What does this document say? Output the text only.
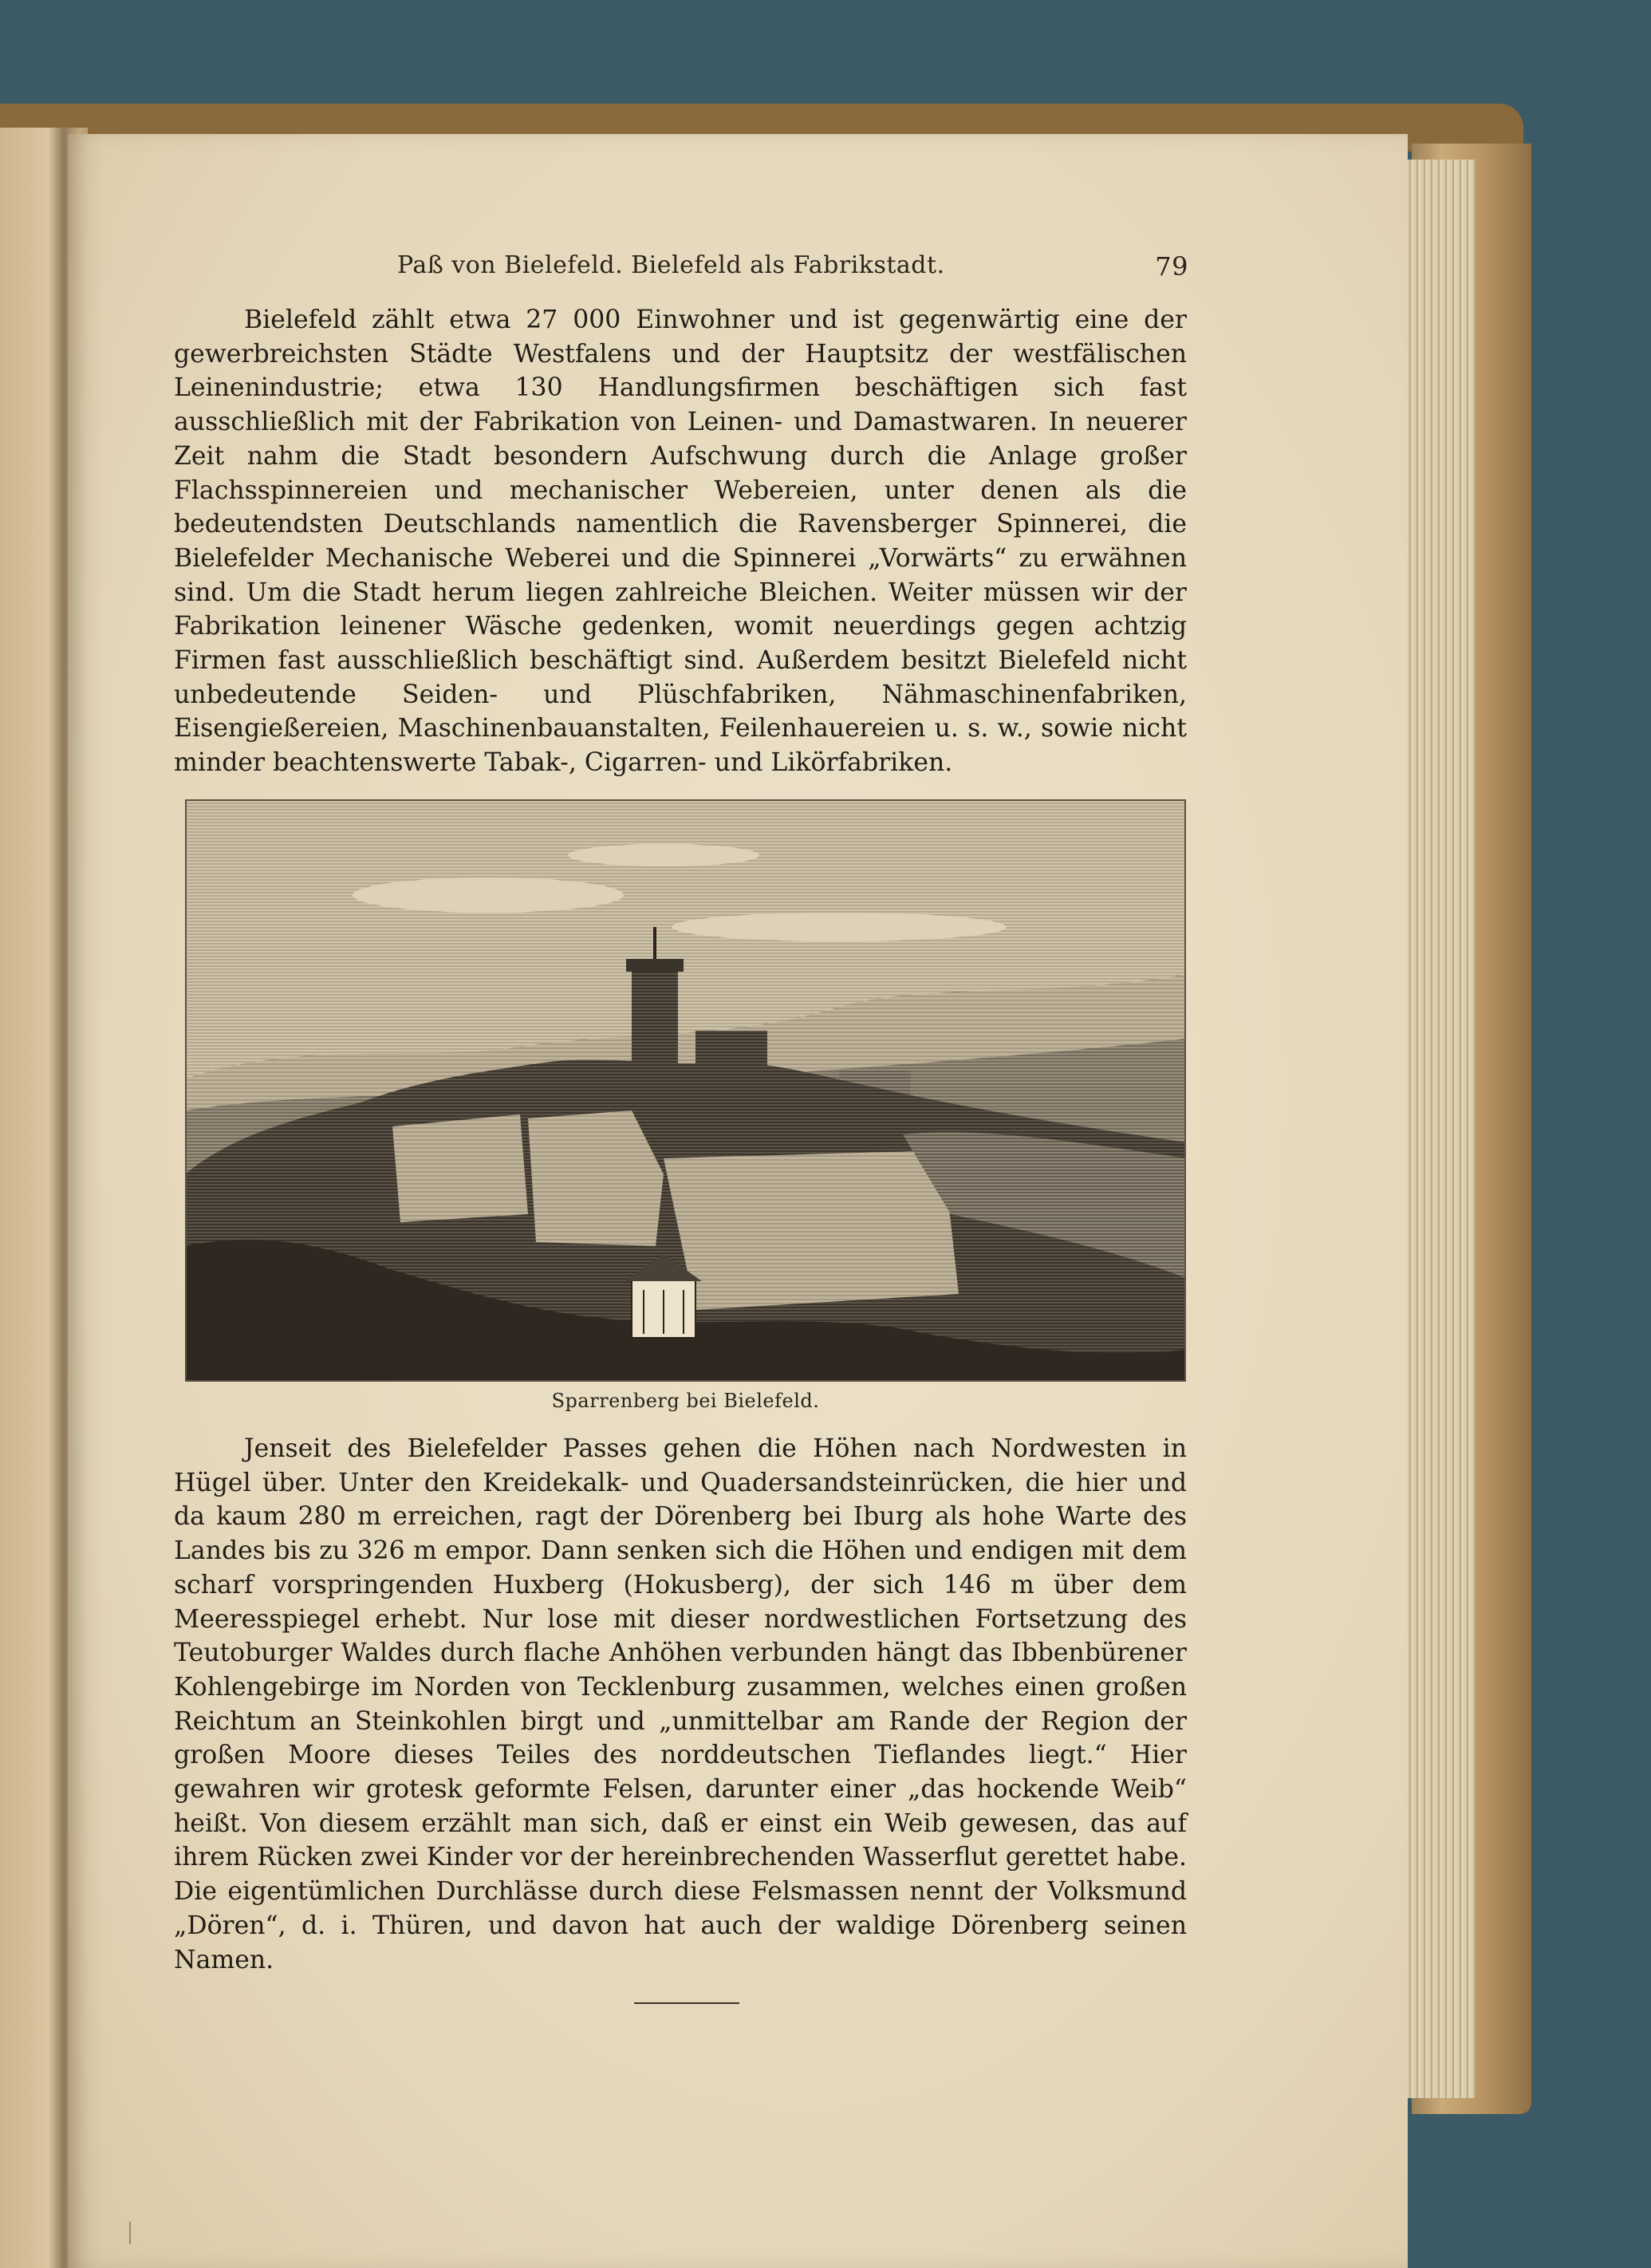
Paß von Bielefeld. Bielefeld als Fabrikstadt.	79

Bielefeld zählt etwa 27 000 Einwohner und ist gegenwärtig eine der gewerbreichsten Städte Westfalens und der Hauptsitz der westfälischen Leinenindustrie; etwa 130 Handlungsfirmen beschäftigen sich fast ausschließlich mit der Fabrikation von Leinen- und Damastwaren. In neuerer Zeit nahm die Stadt besondern Aufschwung durch die Anlage großer Flachsspinnereien und mechanischer Webereien, unter denen als die bedeutendsten Deutschlands namentlich die Ravensberger Spinnerei, die Bielefelder Mechanische Weberei und die Spinnerei „Vorwärts“ zu erwähnen sind. Um die Stadt herum liegen zahlreiche Bleichen. Weiter müssen wir der Fabrikation leinener Wäsche gedenken, womit neuerdings gegen achtzig Firmen fast ausschließlich beschäftigt sind. Außerdem besitzt Bielefeld nicht unbedeutende Seiden- und Plüschfabriken, Nähmaschinenfabriken, Eisengießereien, Maschinenbauanstalten, Feilenhauereien u. s. w., sowie nicht minder beachtenswerte Tabak-, Cigarren- und Likörfabriken.

Sparrenberg bei Bielefeld.

Jenseit des Bielefelder Passes gehen die Höhen nach Nordwesten in Hügel über. Unter den Kreidekalk- und Quadersandsteinrücken, die hier und da kaum 280 m erreichen, ragt der Dörenberg bei Iburg als hohe Warte des Landes bis zu 326 m empor. Dann senken sich die Höhen und endigen mit dem scharf vorspringenden Huxberg (Hokusberg), der sich 146 m über dem Meeresspiegel erhebt. Nur lose mit dieser nordwestlichen Fortsetzung des Teutoburger Waldes durch flache Anhöhen verbunden hängt das Ibbenbürener Kohlengebirge im Norden von Tecklenburg zusammen, welches einen großen Reichtum an Steinkohlen birgt und „unmittelbar am Rande der Region der großen Moore dieses Teiles des norddeutschen Tieflandes liegt.“ Hier gewahren wir grotesk geformte Felsen, darunter einer „das hockende Weib“ heißt. Von diesem erzählt man sich, daß er einst ein Weib gewesen, das auf ihrem Rücken zwei Kinder vor der hereinbrechenden Wasserflut gerettet habe. Die eigentümlichen Durchlässe durch diese Felsmassen nennt der Volksmund „Dören“, d. i. Thüren, und davon hat auch der waldige Dörenberg seinen Namen.
